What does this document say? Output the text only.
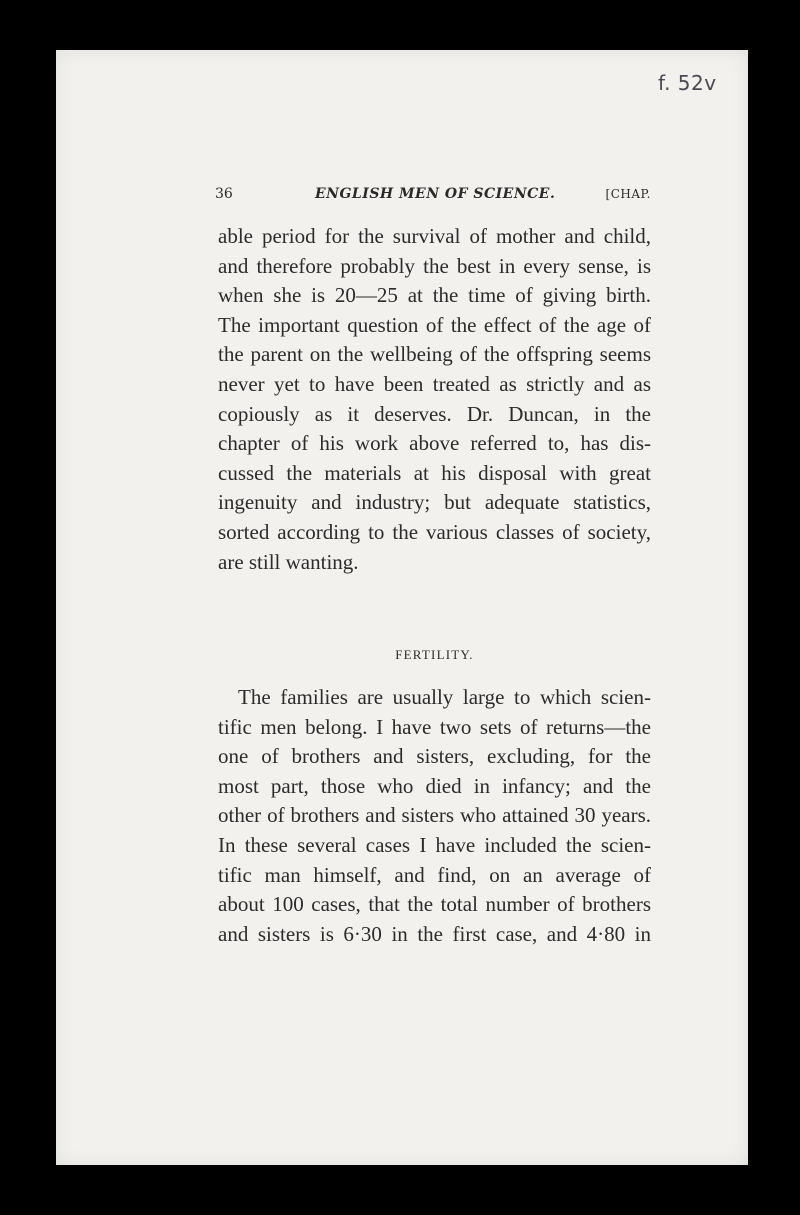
f. 52v
36	ENGLISH MEN OF SCIENCE.	[CHAP.
able period for the survival of mother and child,
and therefore probably the best in every sense, is
when she is 20—25 at the time of giving birth.
The important question of the effect of the age of
the parent on the wellbeing of the offspring seems
never yet to have been treated as strictly and as
copiously as it deserves. Dr. Duncan, in the
chapter of his work above referred to, has dis-
cussed the materials at his disposal with great
ingenuity and industry; but adequate statistics,
sorted according to the various classes of society,
are still wanting.
FERTILITY.
The families are usually large to which scien-
tific men belong. I have two sets of returns—the
one of brothers and sisters, excluding, for the
most part, those who died in infancy; and the
other of brothers and sisters who attained 30 years.
In these several cases I have included the scien-
tific man himself, and find, on an average of
about 100 cases, that the total number of brothers
and sisters is 6·30 in the first case, and 4·80 in
